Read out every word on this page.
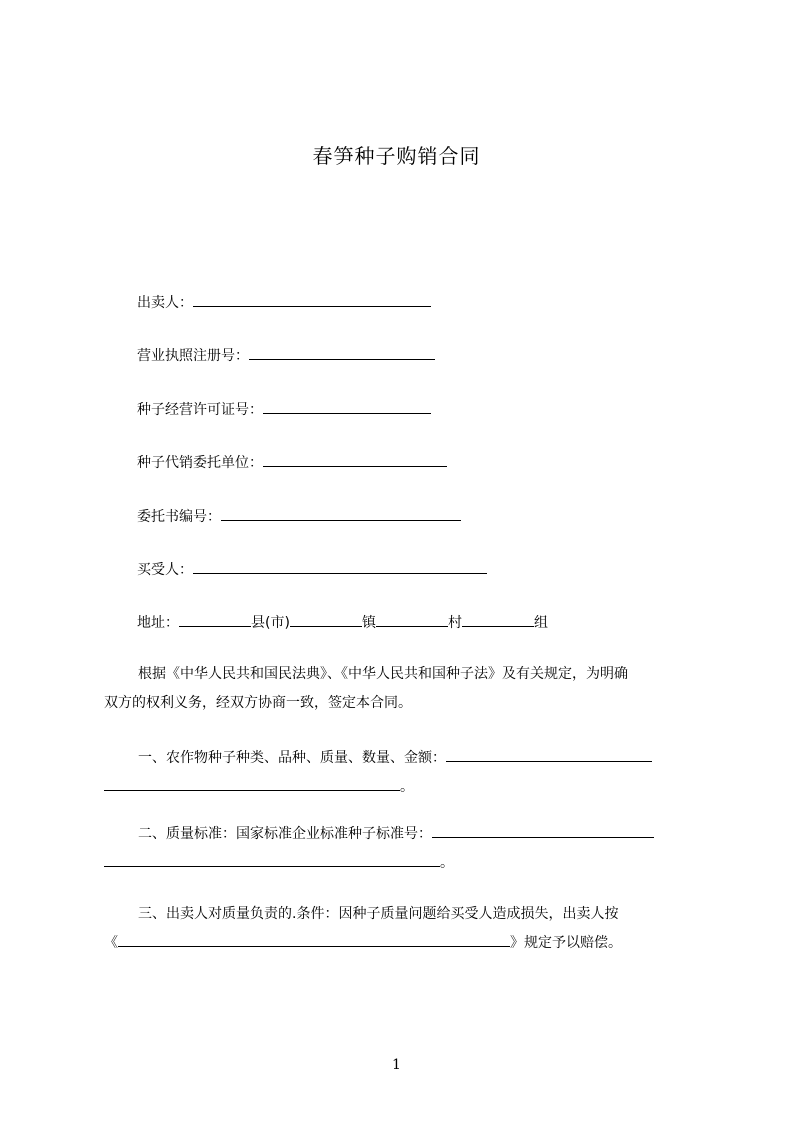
春笋种子购销合同
出卖人：
营业执照注册号：
种子经营许可证号：
种子代销委托单位：
委托书编号：
买受人：
地址：	县(市)	镇	村	组
根据《中华人民共和国民法典》、《中华人民共和国种子法》及有关规定，为明确
双方的权利义务，经双方协商一致，签定本合同。
一、农作物种子种类、品种、质量、数量、金额：
。
二、质量标准：国家标准企业标准种子标准号：
。
三、出卖人对质量负责的.条件：因种子质量问题给买受人造成损失，出卖人按
《	》规定予以赔偿。
1
